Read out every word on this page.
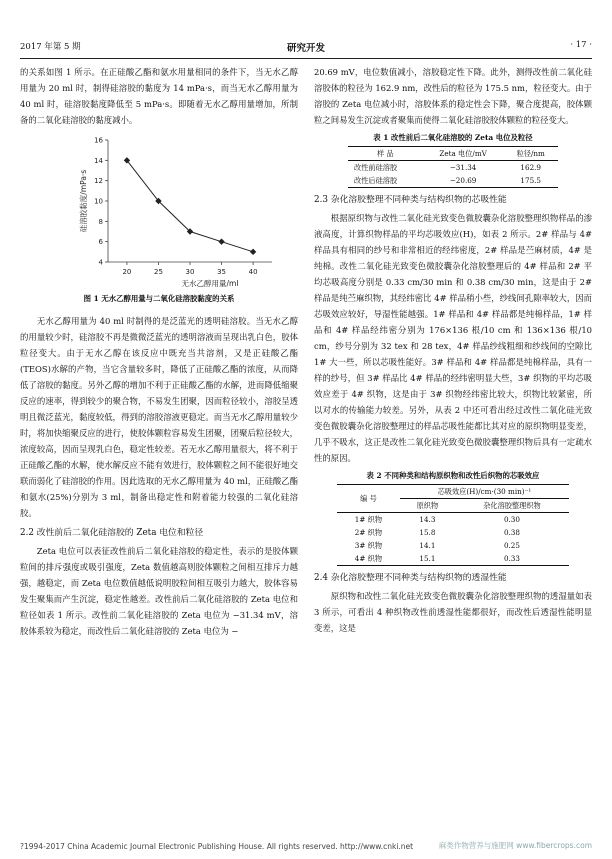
2017 年第 5 期	研究开发	· 17 ·

的关系如图 1 所示。在正硅酸乙酯和氨水用量相同的条件下，当无水乙醇用量为 20 ml 时，制得硅溶胶的黏度为 14 mPa·s，而当无水乙醇用量为 40 ml 时，硅溶胶黏度降低至 5 mPa·s。即随着无水乙醇用量增加，所制备的二氧化硅溶胶的黏度减小。

20	25	30	35	40
4
6
8
10
12
14
16
无水乙醇用量/ml
硅溶胶黏度/mPa·s

图 1 无水乙醇用量与二氧化硅溶胶黏度的关系

无水乙醇用量为 40 ml 时制得的是泛蓝光的透明硅溶胶。当无水乙醇的用量较少时，硅溶胶不再是微微泛蓝光的透明溶液而呈现出乳白色，胶体粒径变大。由于无水乙醇在该反应中既充当共溶剂，又是正硅酸乙酯(TEOS)水解的产物，当它含量较多时，降低了正硅酸乙酯的浓度，从而降低了溶胶的黏度。另外乙醇的增加不利于正硅酸乙酯的水解，进而降低缩聚反应的速率，得到较少的聚合物，不易发生团聚，因而粒径较小，溶胶呈透明且微泛蓝光，黏度较低，得到的溶胶溶液更稳定。而当无水乙醇用量较少时，将加快缩聚反应的进行，使胶体颗粒容易发生团聚，团聚后粒径较大，浓度较高，因而呈现乳白色，稳定性较差。若无水乙醇用量很大，将不利于正硅酸乙酯的水解，使水解反应不能有效进行，胶体颗粒之间不能很好地交联而弱化了硅溶胶的作用。因此选取的无水乙醇用量为 40 ml，正硅酸乙酯和氨水(25%)分别为 3 ml，制备出稳定性和附着能力较强的二氧化硅溶胶。

2.2 改性前后二氧化硅溶胶的 Zeta 电位和粒径

Zeta 电位可以表征改性前后二氧化硅溶胶的稳定性，表示的是胶体颗粒间的排斥强度或吸引强度，Zeta 数值越高则胶体颗粒之间相互排斥力越强，越稳定，而 Zeta 电位数值越低说明胶粒间相互吸引力越大，胶体容易发生聚集而产生沉淀，稳定性越差。改性前后二氧化硅溶胶的 Zeta 电位和粒径如表 1 所示。改性前二氧化硅溶胶的 Zeta 电位为 −31.34 mV，溶胶体系较为稳定，而改性后二氧化硅溶胶的 Zeta 电位为 −

20.69 mV，电位数值减小，溶胶稳定性下降。此外，测得改性前二氧化硅溶胶体的粒径为 162.9 nm，改性后的粒径为 175.5 nm，粒径变大。由于溶胶的 Zeta 电位减小时，溶胶体系的稳定性会下降，聚合度提高，胶体颗粒之间易发生沉淀或者聚集而使得二氧化硅溶胶胶体颗粒的粒径变大。

表 1 改性前后二氧化硅溶胶的 Zeta 电位及粒径

样 品	Zeta 电位/mV	粒径/nm
改性前硅溶胶	−31.34	162.9
改性后硅溶胶	−20.69	175.5

2.3 杂化溶胶整理不同种类与结构织物的芯吸性能

根据原织物与改性二氧化硅光致变色微胶囊杂化溶胶整理织物样品的渗液高度，计算织物样品的平均芯吸效应(H)，如表 2 所示。2# 样品与 4# 样品具有相同的纱号和非常相近的经纬密度，2# 样品是苎麻材质，4# 是纯棉。改性二氧化硅光致变色微胶囊杂化溶胶整理后的 4# 样品和 2# 平均芯吸高度分别是 0.33 cm/30 min 和 0.38 cm/30 min，这是由于 2# 样品是纯苎麻织物，其经纬密比 4# 样品稍小些，纱线间孔隙率较大，因而芯吸效应较好，导湿性能越强。1# 样品和 4# 样品都是纯棉样品，1# 样品和 4# 样品经纬密分别为 176×136 根/10 cm 和 136×136 根/10 cm，纱号分别为 32 tex 和 28 tex，4# 样品纱线粗细和纱线间的空隙比 1# 大一些，所以芯吸性能好。3# 样品和 4# 样品都是纯棉样品，具有一样的纱号，但 3# 样品比 4# 样品的经纬密明显大些，3# 织物的平均芯吸效应差于 4# 织物，这是由于 3# 织物经纬密比较大，织物比较紧密，所以对水的传输能力较差。另外，从表 2 中还可看出经过改性二氧化硅光致变色微胶囊杂化溶胶整理过的样品芯吸性能都比其对应的原织物明显变差，几乎不吸水，这正是改性二氧化硅光致变色微胶囊整理织物后具有一定疏水性的原因。

表 2 不同种类和结构原织物和改性后织物的芯吸效应

编 号	芯吸效应(H)/cm·(30 min)⁻¹	
	原织物	杂化溶胶整理织物
1# 织物	14.3	0.30
2# 织物	15.8	0.38
3# 织物	14.1	0.25
4# 织物	15.1	0.33

2.4 杂化溶胶整理不同种类与结构织物的透湿性能

原织物和改性二氧化硅光致变色微胶囊杂化溶胶整理织物的透湿量如表 3 所示，可看出 4 种织物改性前透湿性能都很好，而改性后透湿性能明显变差，这是

?1994-2017 China Academic Journal Electronic Publishing House. All rights reserved. http://www.cnki.net	麻类作物营养与施肥网 www.fibercrops.com
